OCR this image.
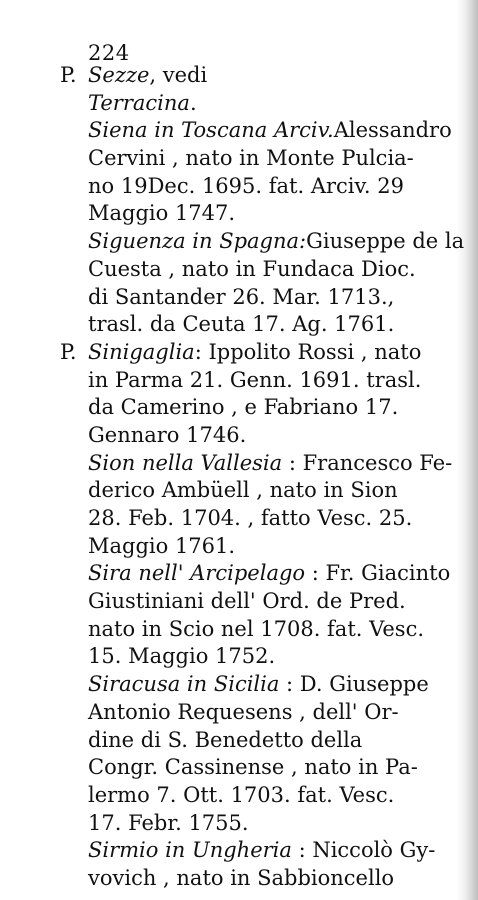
224
P. Sezze, vedi
Terracina.
Siena in Toscana Arciv.Alessandro
Cervini , nato in Monte Pulcia-
no 19Dec. 1695. fat. Arciv. 29
Maggio 1747.
Siguenza in Spagna:Giuseppe de la
Cuesta , nato in Fundaca Dioc.
di Santander 26. Mar. 1713.,
trasl. da Ceuta 17. Ag. 1761.
P. Sinigaglia: Ippolito Rossi , nato
in Parma 21. Genn. 1691. trasl.
da Camerino , e Fabriano 17.
Gennaro 1746.
Sion nella Vallesia : Francesco Fe-
derico Ambüell , nato in Sion
28. Feb. 1704. , fatto Vesc. 25.
Maggio 1761.
Sira nell' Arcipelago : Fr. Giacinto
Giustiniani dell' Ord. de Pred.
nato in Scio nel 1708. fat. Vesc.
15. Maggio 1752.
Siracusa in Sicilia : D. Giuseppe
Antonio Requesens , dell' Or-
dine di S. Benedetto della
Congr. Cassinense , nato in Pa-
lermo 7. Ott. 1703. fat. Vesc.
17. Febr. 1755.
Sirmio in Ungheria : Niccolò Gy-
vovich , nato in Sabbioncello
